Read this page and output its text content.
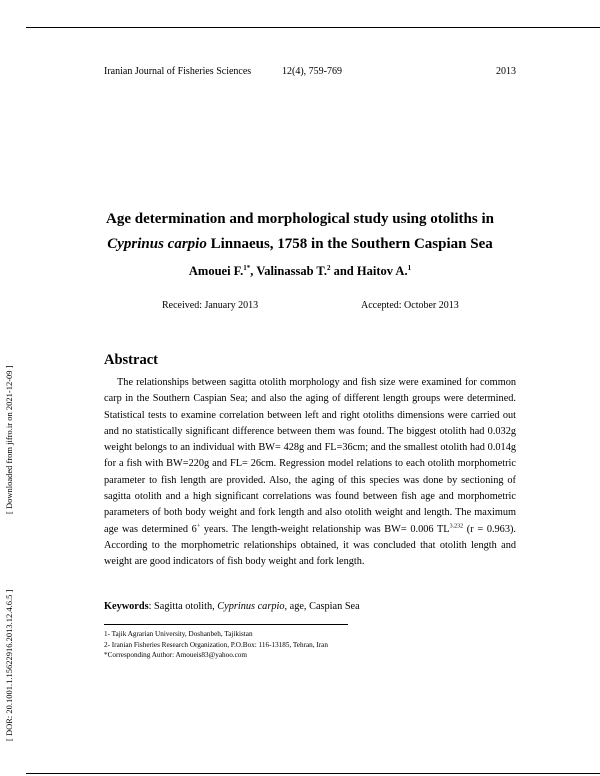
[ Downloaded from jifro.ir on 2021-12-09 ]
[ DOR: 20.1001.1.15622916.2013.12.4.6.5 ]
Iranian Journal of Fisheries Sciences	12(4), 759-769	2013
Age determination and morphological study using otoliths in
Cyprinus carpio Linnaeus, 1758 in the Southern Caspian Sea
Amouei F.$^{1*}$, Valinassab T.$^2$ and Haitov A.$^1$
Received: January 2013	Accepted: October 2013
Abstract

The relationships between sagitta otolith morphology and fish size were examined for common carp in the Southern Caspian Sea; and also the aging of different length groups were determined. Statistical tests to examine correlation between left and right otoliths dimensions were carried out and no statistically significant difference between them was found. The biggest otolith had 0.032g weight belongs to an individual with BW= 428g and FL=36cm; and the smallest otolith had 0.014g for a fish with BW=220g and FL= 26cm. Regression model relations to each otolith morphometric parameter to fish length are provided. Also, the aging of this species was done by sectioning of sagitta otolith and a high significant correlations was found between fish age and morphometric parameters of both body weight and fork length and also otolith weight and length. The maximum age was determined 6+ years. The length-weight relationship was BW= 0.006 $TL^{3.232}$ (r = 0.963). According to the morphometric relationships obtained, it was concluded that otolith length and weight are good indicators of fish body weight and fork length.

Keywords: Sagitta otolith, Cyprinus carpio, age, Caspian Sea
1- Tajik Agrarian University, Doshanbeh, Tajikistan
2- Iranian Fisheries Research Organization, P.O.Box: 116-13185, Tehran, Iran
*Corresponding Author: Amoueis83@yahoo.com
